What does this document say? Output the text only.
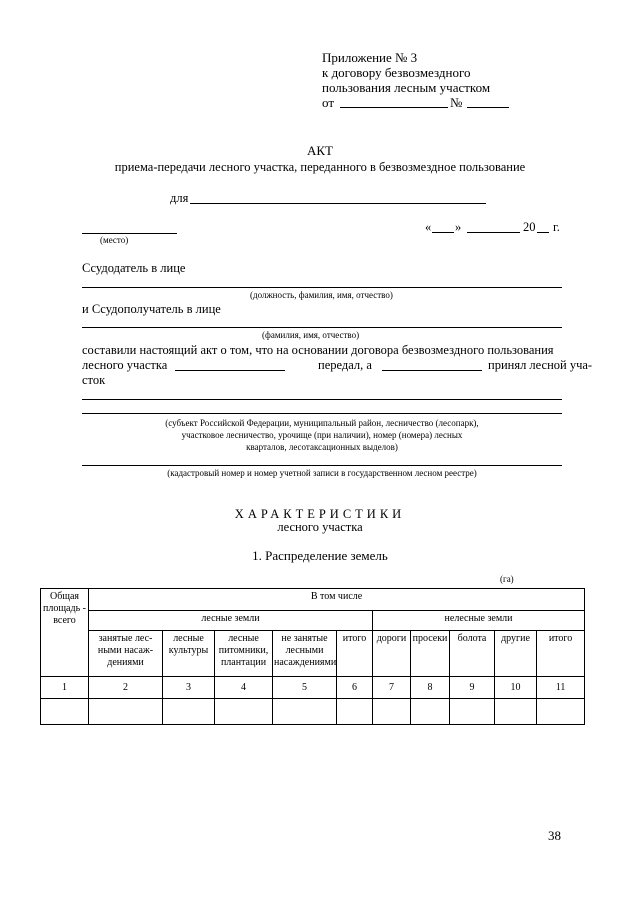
Приложение № 3
к договору безвозмездного
пользования лесным участком
от	№
АКТ
приема-передачи лесного участка, переданного в безвозмездное пользование
для
(место)
« »	20 г.
Ссудодатель в лице
(должность, фамилия, имя, отчество)
и Ссудополучатель в лице
(фамилия, имя, отчество)
составили настоящий акт о том, что на основании договора безвозмездного пользования
лесного участка	передал, а	принял лесной уча-
сток
(субъект Российской Федерации, муниципальный район, лесничество (лесопарк),
участковое лесничество, урочище (при наличии), номер (номера) лесных
кварталов, лесотаксационных выделов)
(кадастровый номер и номер учетной записи в государственном лесном реестре)
ХАРАКТЕРИСТИКИ
лесного участка
1. Распределение земель
(га)
Общая площадь - всего	В том числе									
	лесные земли					нелесные земли				
	занятые лес-ными насаж-дениями	лесные культуры	лесные питомники, плантации	не занятые лесными насаждениями	итого	дороги	просеки	болота	другие	итого
1	2	3	4	5	6	7	8	9	10	11

38
